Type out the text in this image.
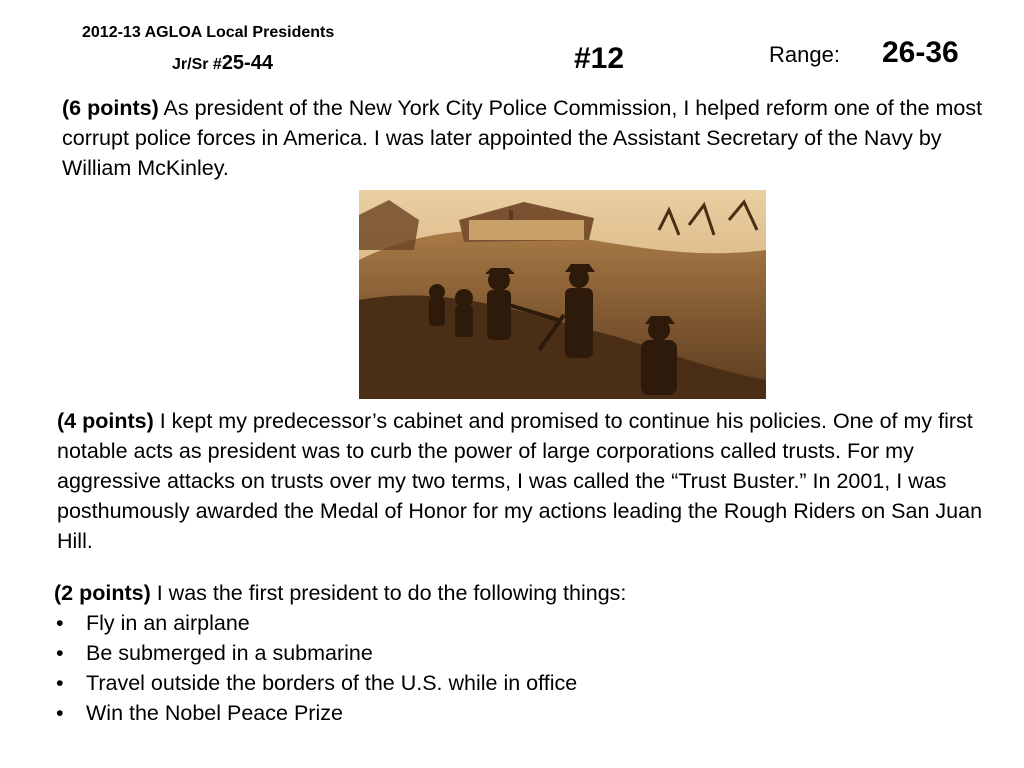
2012-13 AGLOA Local Presidents
Jr/Sr #25-44	#12	Range: 26-36
(6 points) As president of the New York City Police Commission, I helped reform one of the most corrupt police forces in America. I was later appointed the Assistant Secretary of the Navy by William McKinley.
(4 points) I kept my predecessor’s cabinet and promised to continue his policies. One of my first notable acts as president was to curb the power of large corporations called trusts. For my aggressive attacks on trusts over my two terms, I was called the “Trust Buster.” In 2001, I was posthumously awarded the Medal of Honor for my actions leading the Rough Riders on San Juan Hill.
(2 points) I was the first president to do the following things:
• Fly in an airplane
• Be submerged in a submarine
• Travel outside the borders of the U.S. while in office
• Win the Nobel Peace Prize
